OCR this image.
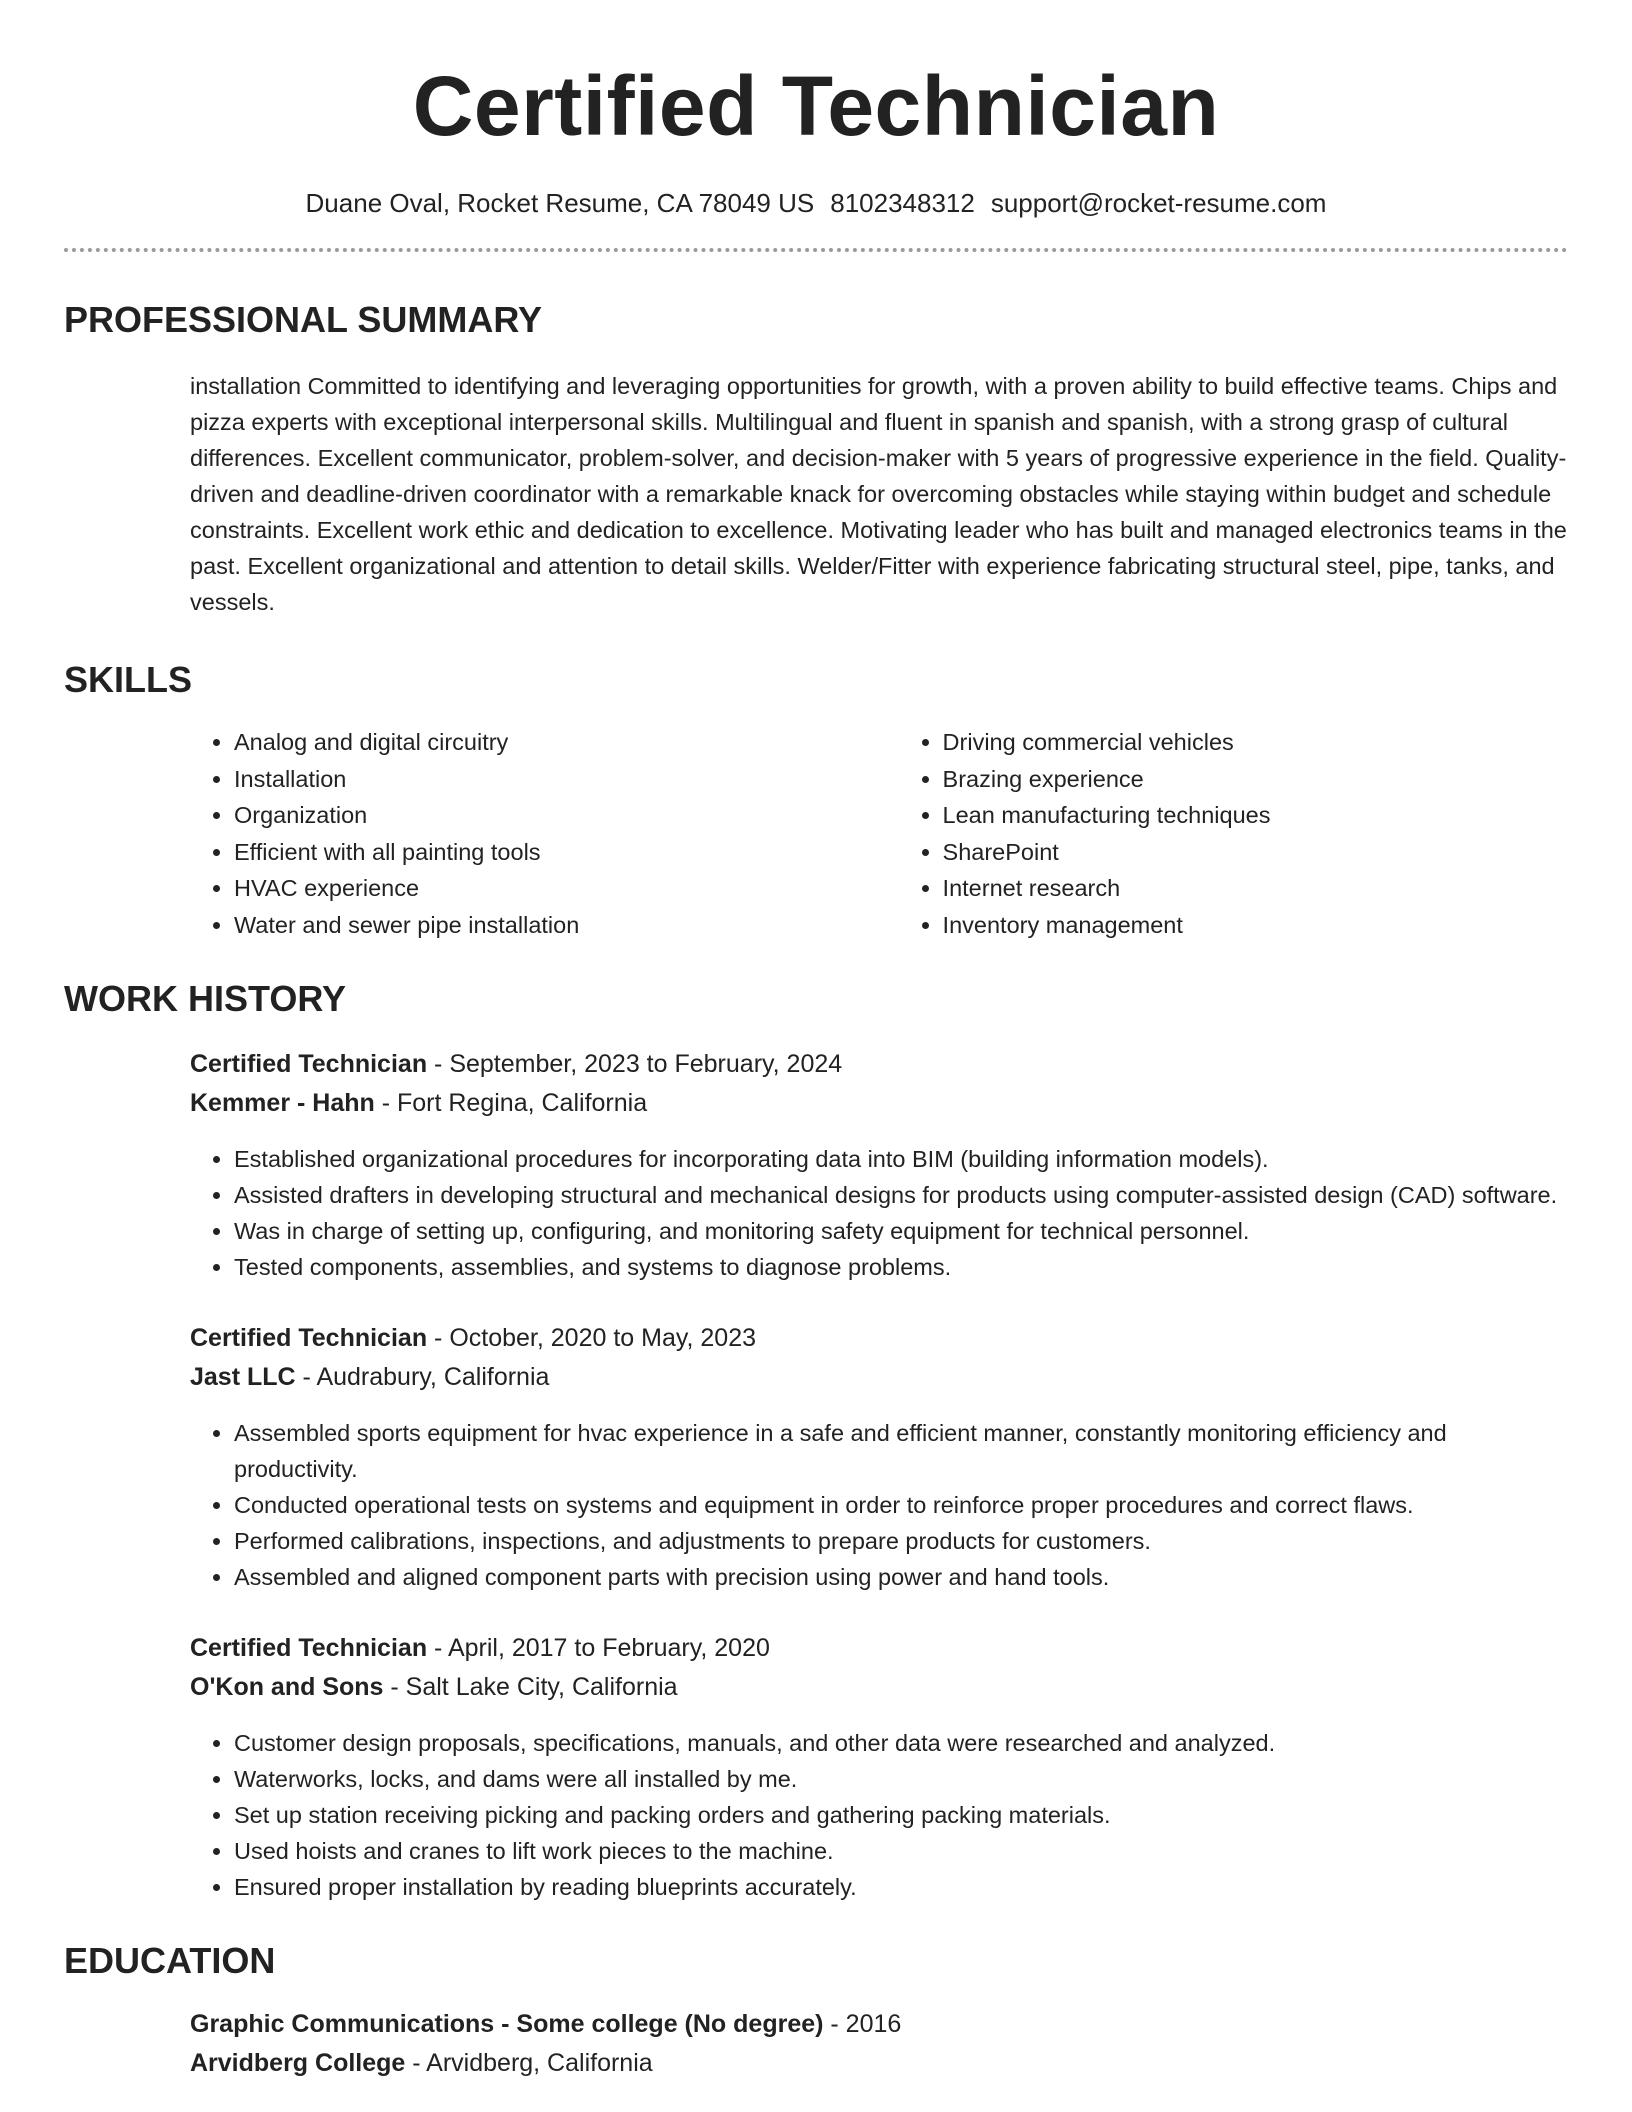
Certified Technician
Duane Oval, Rocket Resume, CA 78049 US 8102348312 support@rocket-resume.com
PROFESSIONAL SUMMARY
installation Committed to identifying and leveraging opportunities for growth, with a proven ability to build effective teams. Chips and pizza experts with exceptional interpersonal skills. Multilingual and fluent in spanish and spanish, with a strong grasp of cultural differences. Excellent communicator, problem-solver, and decision-maker with 5 years of progressive experience in the field. Quality-driven and deadline-driven coordinator with a remarkable knack for overcoming obstacles while staying within budget and schedule constraints. Excellent work ethic and dedication to excellence. Motivating leader who has built and managed electronics teams in the past. Excellent organizational and attention to detail skills. Welder/Fitter with experience fabricating structural steel, pipe, tanks, and vessels.
SKILLS
• Analog and digital circuitry
• Installation
• Organization
• Efficient with all painting tools
• HVAC experience
• Water and sewer pipe installation
• Driving commercial vehicles
• Brazing experience
• Lean manufacturing techniques
• SharePoint
• Internet research
• Inventory management
WORK HISTORY
Certified Technician - September, 2023 to February, 2024
Kemmer - Hahn - Fort Regina, California
• Established organizational procedures for incorporating data into BIM (building information models).
• Assisted drafters in developing structural and mechanical designs for products using computer-assisted design (CAD) software.
• Was in charge of setting up, configuring, and monitoring safety equipment for technical personnel.
• Tested components, assemblies, and systems to diagnose problems.
Certified Technician - October, 2020 to May, 2023
Jast LLC - Audrabury, California
• Assembled sports equipment for hvac experience in a safe and efficient manner, constantly monitoring efficiency and productivity.
• Conducted operational tests on systems and equipment in order to reinforce proper procedures and correct flaws.
• Performed calibrations, inspections, and adjustments to prepare products for customers.
• Assembled and aligned component parts with precision using power and hand tools.
Certified Technician - April, 2017 to February, 2020
O'Kon and Sons - Salt Lake City, California
• Customer design proposals, specifications, manuals, and other data were researched and analyzed.
• Waterworks, locks, and dams were all installed by me.
• Set up station receiving picking and packing orders and gathering packing materials.
• Used hoists and cranes to lift work pieces to the machine.
• Ensured proper installation by reading blueprints accurately.
EDUCATION
Graphic Communications - Some college (No degree) - 2016
Arvidberg College - Arvidberg, California
